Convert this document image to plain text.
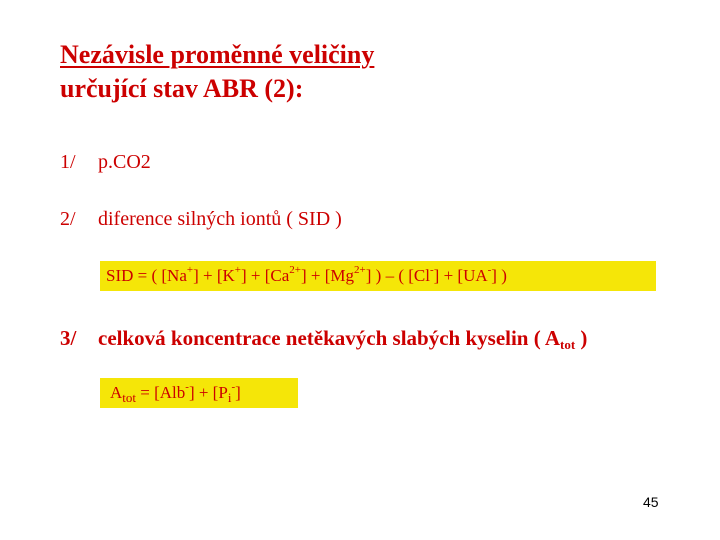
Nezávisle proměnné veličiny
určující stav ABR (2):
1/ p.CO2
2/ diference silných iontů ( SID )
SID = ( $[Na^+] + [K^+] + [Ca^{2+}] + [Mg^{2+}]$ ) – ( [Cl-] + [UA-] )
3/ celková koncentrace netěkavých slabých kyselin ( $A_{tot}$ )
$A_{tot} = [Alb^-] + [P_i^-]$
45
